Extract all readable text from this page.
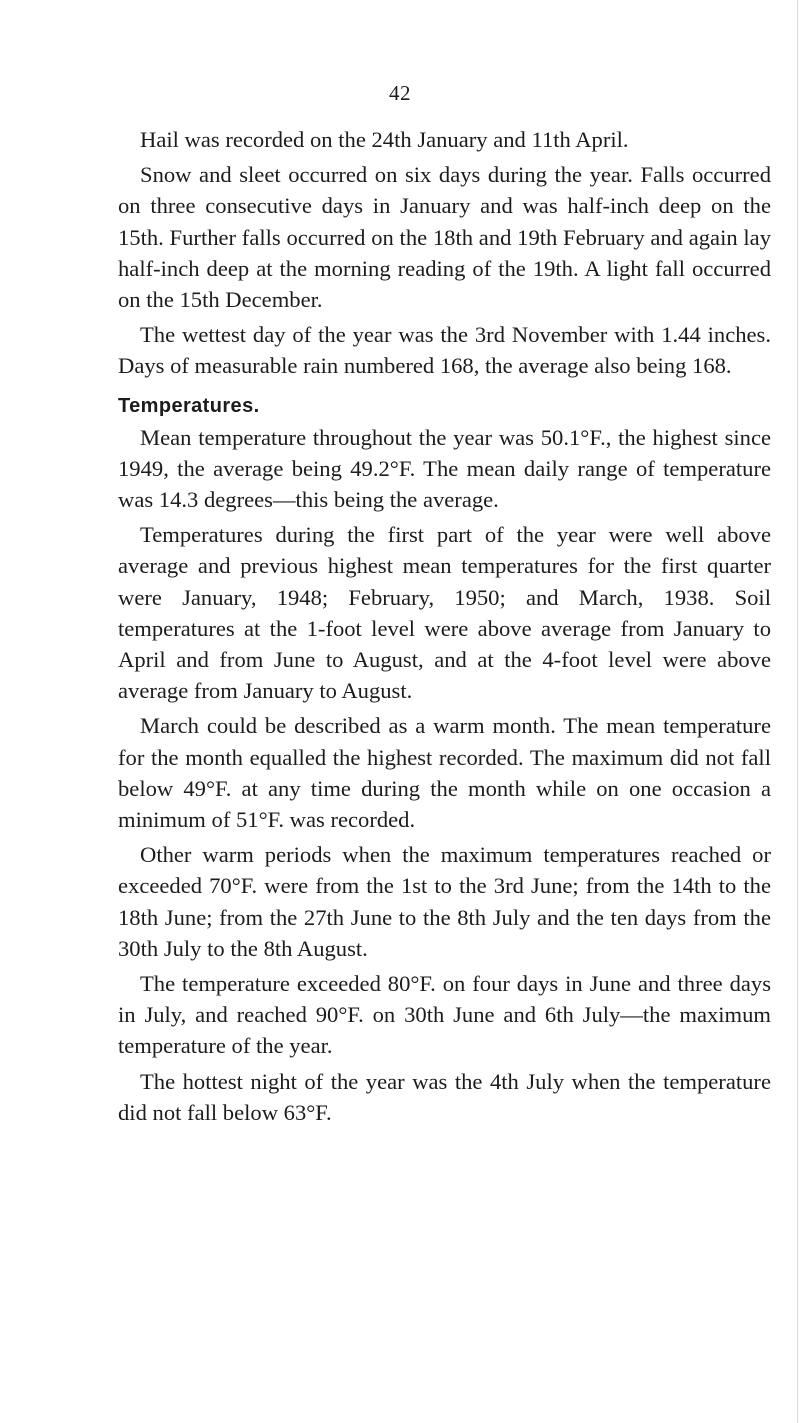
42

Hail was recorded on the 24th January and 11th April.

Snow and sleet occurred on six days during the year. Falls occurred on three consecutive days in January and was half-inch deep on the 15th. Further falls occurred on the 18th and 19th February and again lay half-inch deep at the morning reading of the 19th. A light fall occurred on the 15th December.

The wettest day of the year was the 3rd November with 1.44 inches. Days of measurable rain numbered 168, the average also being 168.

Temperatures.

Mean temperature throughout the year was 50.1°F., the highest since 1949, the average being 49.2°F. The mean daily range of temperature was 14.3 degrees—this being the average.

Temperatures during the first part of the year were well above average and previous highest mean temperatures for the first quarter were January, 1948; February, 1950; and March, 1938. Soil temperatures at the 1-foot level were above average from January to April and from June to August, and at the 4-foot level were above average from January to August.

March could be described as a warm month. The mean temperature for the month equalled the highest recorded. The maximum did not fall below 49°F. at any time during the month while on one occasion a minimum of 51°F. was recorded.

Other warm periods when the maximum temperatures reached or exceeded 70°F. were from the 1st to the 3rd June; from the 14th to the 18th June; from the 27th June to the 8th July and the ten days from the 30th July to the 8th August.

The temperature exceeded 80°F. on four days in June and three days in July, and reached 90°F. on 30th June and 6th July—the maximum temperature of the year.

The hottest night of the year was the 4th July when the temperature did not fall below 63°F.
